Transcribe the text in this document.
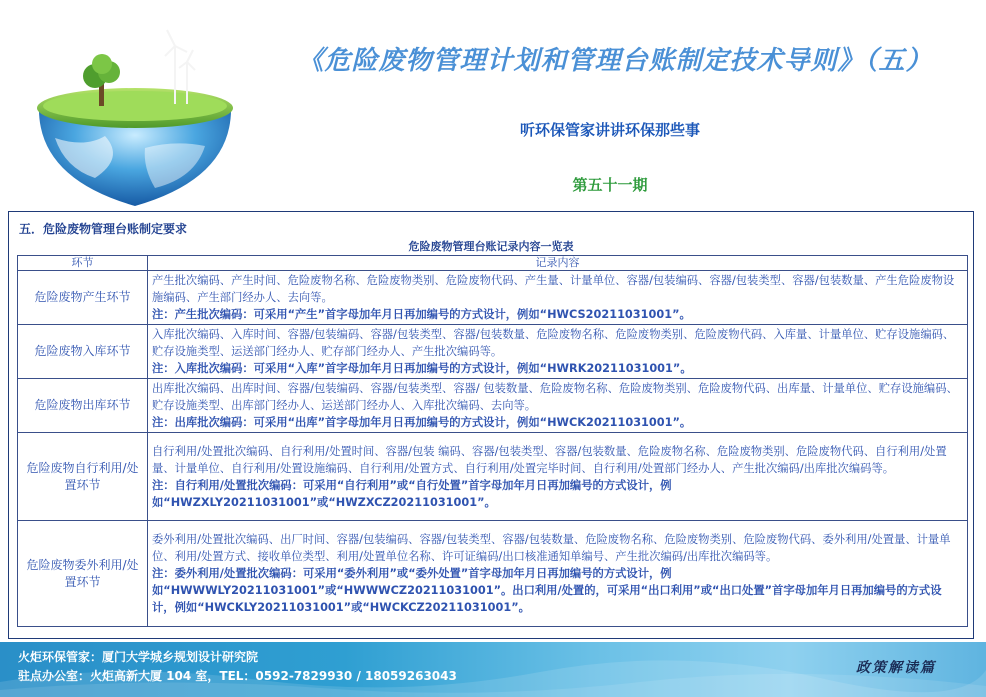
《危险废物管理计划和管理台账制定技术导则》（五）
听环保管家讲讲环保那些事
第五十一期
五．危险废物管理台账制定要求
危险废物管理台账记录内容一览表
环节	记录内容
危险废物产生环节	产生批次编码、产生时间、危险废物名称、危险废物类别、危险废物代码、产生量、计量单位、容器/包装编码、容器/包装类型、容器/包装数量、产生危险废物设施编码、产生部门经办人、去向等。
注：产生批次编码：可采用“产生”首字母加年月日再加编号的方式设计，例如“HWCS20211031001”。

危险废物入库环节	入库批次编码、入库时间、容器/包装编码、容器/包装类型、容器/包装数量、危险废物名称、危险废物类别、危险废物代码、入库量、计量单位、贮存设施编码、贮存设施类型、运送部门经办人、贮存部门经办人、产生批次编码等。
注：入库批次编码：可采用“入库”首字母加年月日再加编号的方式设计，例如“HWRK20211031001”。

危险废物出库环节	出库批次编码、出库时间、容器/包装编码、容器/包装类型、容器/ 包装数量、危险废物名称、危险废物类别、危险废物代码、出库量、计量单位、贮存设施编码、贮存设施类型、出库部门经办人、运送部门经办人、入库批次编码、去向等。
注：出库批次编码：可采用“出库”首字母加年月日再加编号的方式设计，例如“HWCK20211031001”。

危险废物自行利用/处置环节	自行利用/处置批次编码、自行利用/处置时间、容器/包装 编码、容器/包装类型、容器/包装数量、危险废物名称、危险废物类别、危险废物代码、自行利用/处置量、计量单位、自行利用/处置设施编码、自行利用/处置方式、自行利用/处置完毕时间、自行利用/处置部门经办人、产生批次编码/出库批次编码等。
注：自行利用/处置批次编码：可采用“自行利用”或“自行处置”首字母加年月日再加编号的方式设计，例如“HWZXLY20211031001”或“HWZXCZ20211031001”。

危险废物委外利用/处置环节	委外利用/处置批次编码、出厂时间、容器/包装编码、容器/包装类型、容器/包装数量、危险废物名称、危险废物类别、危险废物代码、委外利用/处置量、计量单位、利用/处置方式、接收单位类型、利用/处置单位名称、许可证编码/出口核准通知单编号、产生批次编码/出库批次编码等。
注：委外利用/处置批次编码：可采用“委外利用”或“委外处置”首字母加年月日再加编号的方式设计，例如“HWWWLY20211031001”或“HWWWCZ20211031001”。出口利用/处置的，可采用“出口利用”或“出口处置”首字母加年月日再加编号的方式设计，例如“HWCKLY20211031001”或“HWCKCZ20211031001”。
火炬环保管家：厦门大学城乡规划设计研究院
驻点办公室：火炬高新大厦 104 室，TEL：0592-7829930 / 18059263043	政策解读篇
